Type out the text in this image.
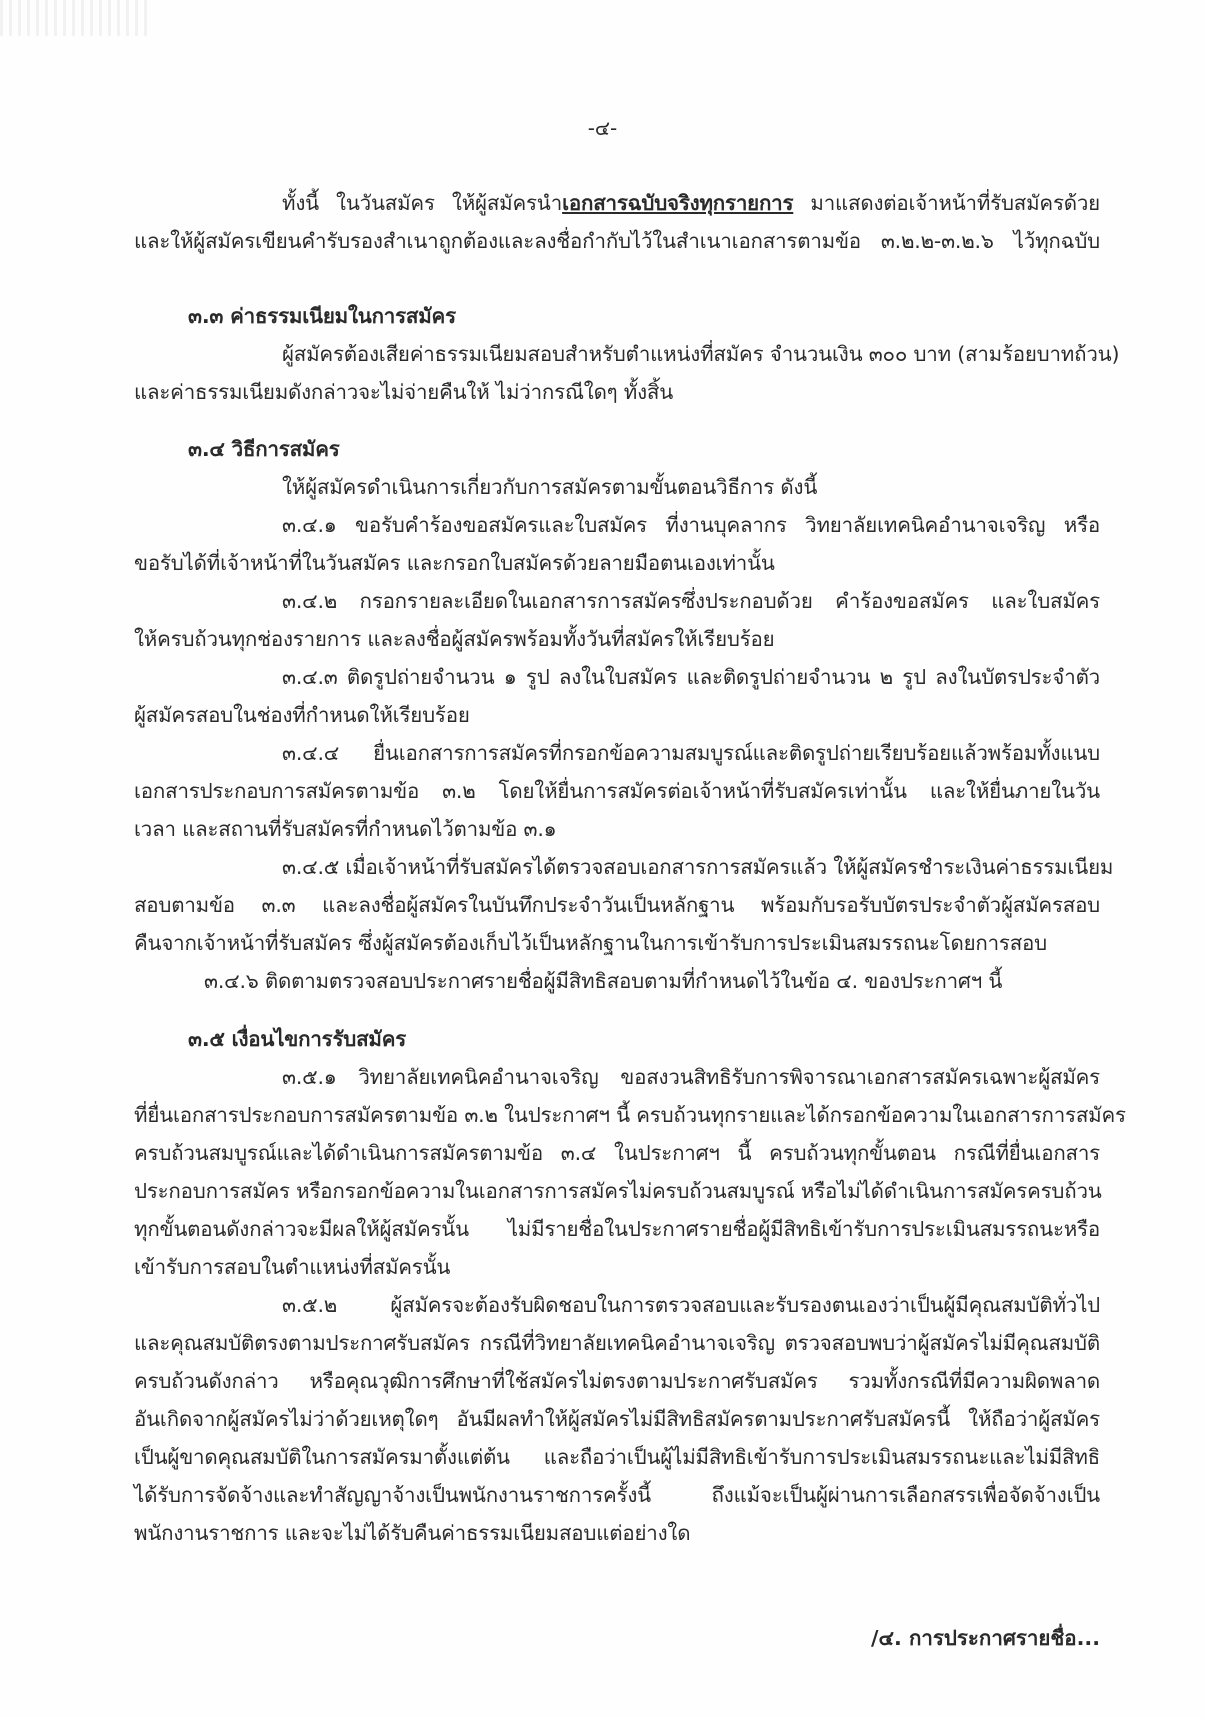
-๔-
ทั้งนี้ ในวันสมัคร ให้ผู้สมัครนำเอกสารฉบับจริงทุกรายการ มาแสดงต่อเจ้าหน้าที่รับสมัครด้วย
และให้ผู้สมัครเขียนคำรับรองสำเนาถูกต้องและลงชื่อกำกับไว้ในสำเนาเอกสารตามข้อ ๓.๒.๒-๓.๒.๖ ไว้ทุกฉบับ
๓.๓ ค่าธรรมเนียมในการสมัคร
ผู้สมัครต้องเสียค่าธรรมเนียมสอบสำหรับตำแหน่งที่สมัคร จำนวนเงิน ๓๐๐ บาท (สามร้อยบาทถ้วน)
และค่าธรรมเนียมดังกล่าวจะไม่จ่ายคืนให้ ไม่ว่ากรณีใดๆ ทั้งสิ้น
๓.๔ วิธีการสมัคร
ให้ผู้สมัครดำเนินการเกี่ยวกับการสมัครตามขั้นตอนวิธีการ ดังนี้
๓.๔.๑ ขอรับคำร้องขอสมัครและใบสมัคร ที่งานบุคลากร วิทยาลัยเทคนิคอำนาจเจริญ หรือ
ขอรับได้ที่เจ้าหน้าที่ในวันสมัคร และกรอกใบสมัครด้วยลายมือตนเองเท่านั้น
๓.๔.๒ กรอกรายละเอียดในเอกสารการสมัครซึ่งประกอบด้วย คำร้องขอสมัคร และใบสมัคร
ให้ครบถ้วนทุกช่องรายการ และลงชื่อผู้สมัครพร้อมทั้งวันที่สมัครให้เรียบร้อย
๓.๔.๓ ติดรูปถ่ายจำนวน ๑ รูป ลงในใบสมัคร และติดรูปถ่ายจำนวน ๒ รูป ลงในบัตรประจำตัว
ผู้สมัครสอบในช่องที่กำหนดให้เรียบร้อย
๓.๔.๔ ยื่นเอกสารการสมัครที่กรอกข้อความสมบูรณ์และติดรูปถ่ายเรียบร้อยแล้วพร้อมทั้งแนบ
เอกสารประกอบการสมัครตามข้อ ๓.๒ โดยให้ยื่นการสมัครต่อเจ้าหน้าที่รับสมัครเท่านั้น และให้ยื่นภายในวัน
เวลา และสถานที่รับสมัครที่กำหนดไว้ตามข้อ ๓.๑
๓.๔.๕ เมื่อเจ้าหน้าที่รับสมัครได้ตรวจสอบเอกสารการสมัครแล้ว ให้ผู้สมัครชำระเงินค่าธรรมเนียม
สอบตามข้อ ๓.๓ และลงชื่อผู้สมัครในบันทึกประจำวันเป็นหลักฐาน พร้อมกับรอรับบัตรประจำตัวผู้สมัครสอบ
คืนจากเจ้าหน้าที่รับสมัคร ซึ่งผู้สมัครต้องเก็บไว้เป็นหลักฐานในการเข้ารับการประเมินสมรรถนะโดยการสอบ
๓.๔.๖ ติดตามตรวจสอบประกาศรายชื่อผู้มีสิทธิสอบตามที่กำหนดไว้ในข้อ ๔. ของประกาศฯ นี้
๓.๕ เงื่อนไขการรับสมัคร
๓.๕.๑ วิทยาลัยเทคนิคอำนาจเจริญ ขอสงวนสิทธิรับการพิจารณาเอกสารสมัครเฉพาะผู้สมัคร
ที่ยื่นเอกสารประกอบการสมัครตามข้อ ๓.๒ ในประกาศฯ นี้ ครบถ้วนทุกรายและได้กรอกข้อความในเอกสารการสมัคร
ครบถ้วนสมบูรณ์และได้ดำเนินการสมัครตามข้อ ๓.๔ ในประกาศฯ นี้ ครบถ้วนทุกขั้นตอน กรณีที่ยื่นเอกสาร
ประกอบการสมัคร หรือกรอกข้อความในเอกสารการสมัครไม่ครบถ้วนสมบูรณ์ หรือไม่ได้ดำเนินการสมัครครบถ้วน
ทุกขั้นตอนดังกล่าวจะมีผลให้ผู้สมัครนั้น ไม่มีรายชื่อในประกาศรายชื่อผู้มีสิทธิเข้ารับการประเมินสมรรถนะหรือ
เข้ารับการสอบในตำแหน่งที่สมัครนั้น
๓.๕.๒ ผู้สมัครจะต้องรับผิดชอบในการตรวจสอบและรับรองตนเองว่าเป็นผู้มีคุณสมบัติทั่วไป
และคุณสมบัติตรงตามประกาศรับสมัคร กรณีที่วิทยาลัยเทคนิคอำนาจเจริญ ตรวจสอบพบว่าผู้สมัครไม่มีคุณสมบัติ
ครบถ้วนดังกล่าว หรือคุณวุฒิการศึกษาที่ใช้สมัครไม่ตรงตามประกาศรับสมัคร รวมทั้งกรณีที่มีความผิดพลาด
อันเกิดจากผู้สมัครไม่ว่าด้วยเหตุใดๆ อันมีผลทำให้ผู้สมัครไม่มีสิทธิสมัครตามประกาศรับสมัครนี้ ให้ถือว่าผู้สมัคร
เป็นผู้ขาดคุณสมบัติในการสมัครมาตั้งแต่ต้น และถือว่าเป็นผู้ไม่มีสิทธิเข้ารับการประเมินสมรรถนะและไม่มีสิทธิ
ได้รับการจัดจ้างและทำสัญญาจ้างเป็นพนักงานราชการครั้งนี้ ถึงแม้จะเป็นผู้ผ่านการเลือกสรรเพื่อจัดจ้างเป็น
พนักงานราชการ และจะไม่ได้รับคืนค่าธรรมเนียมสอบแต่อย่างใด
/๔. การประกาศรายชื่อ...
